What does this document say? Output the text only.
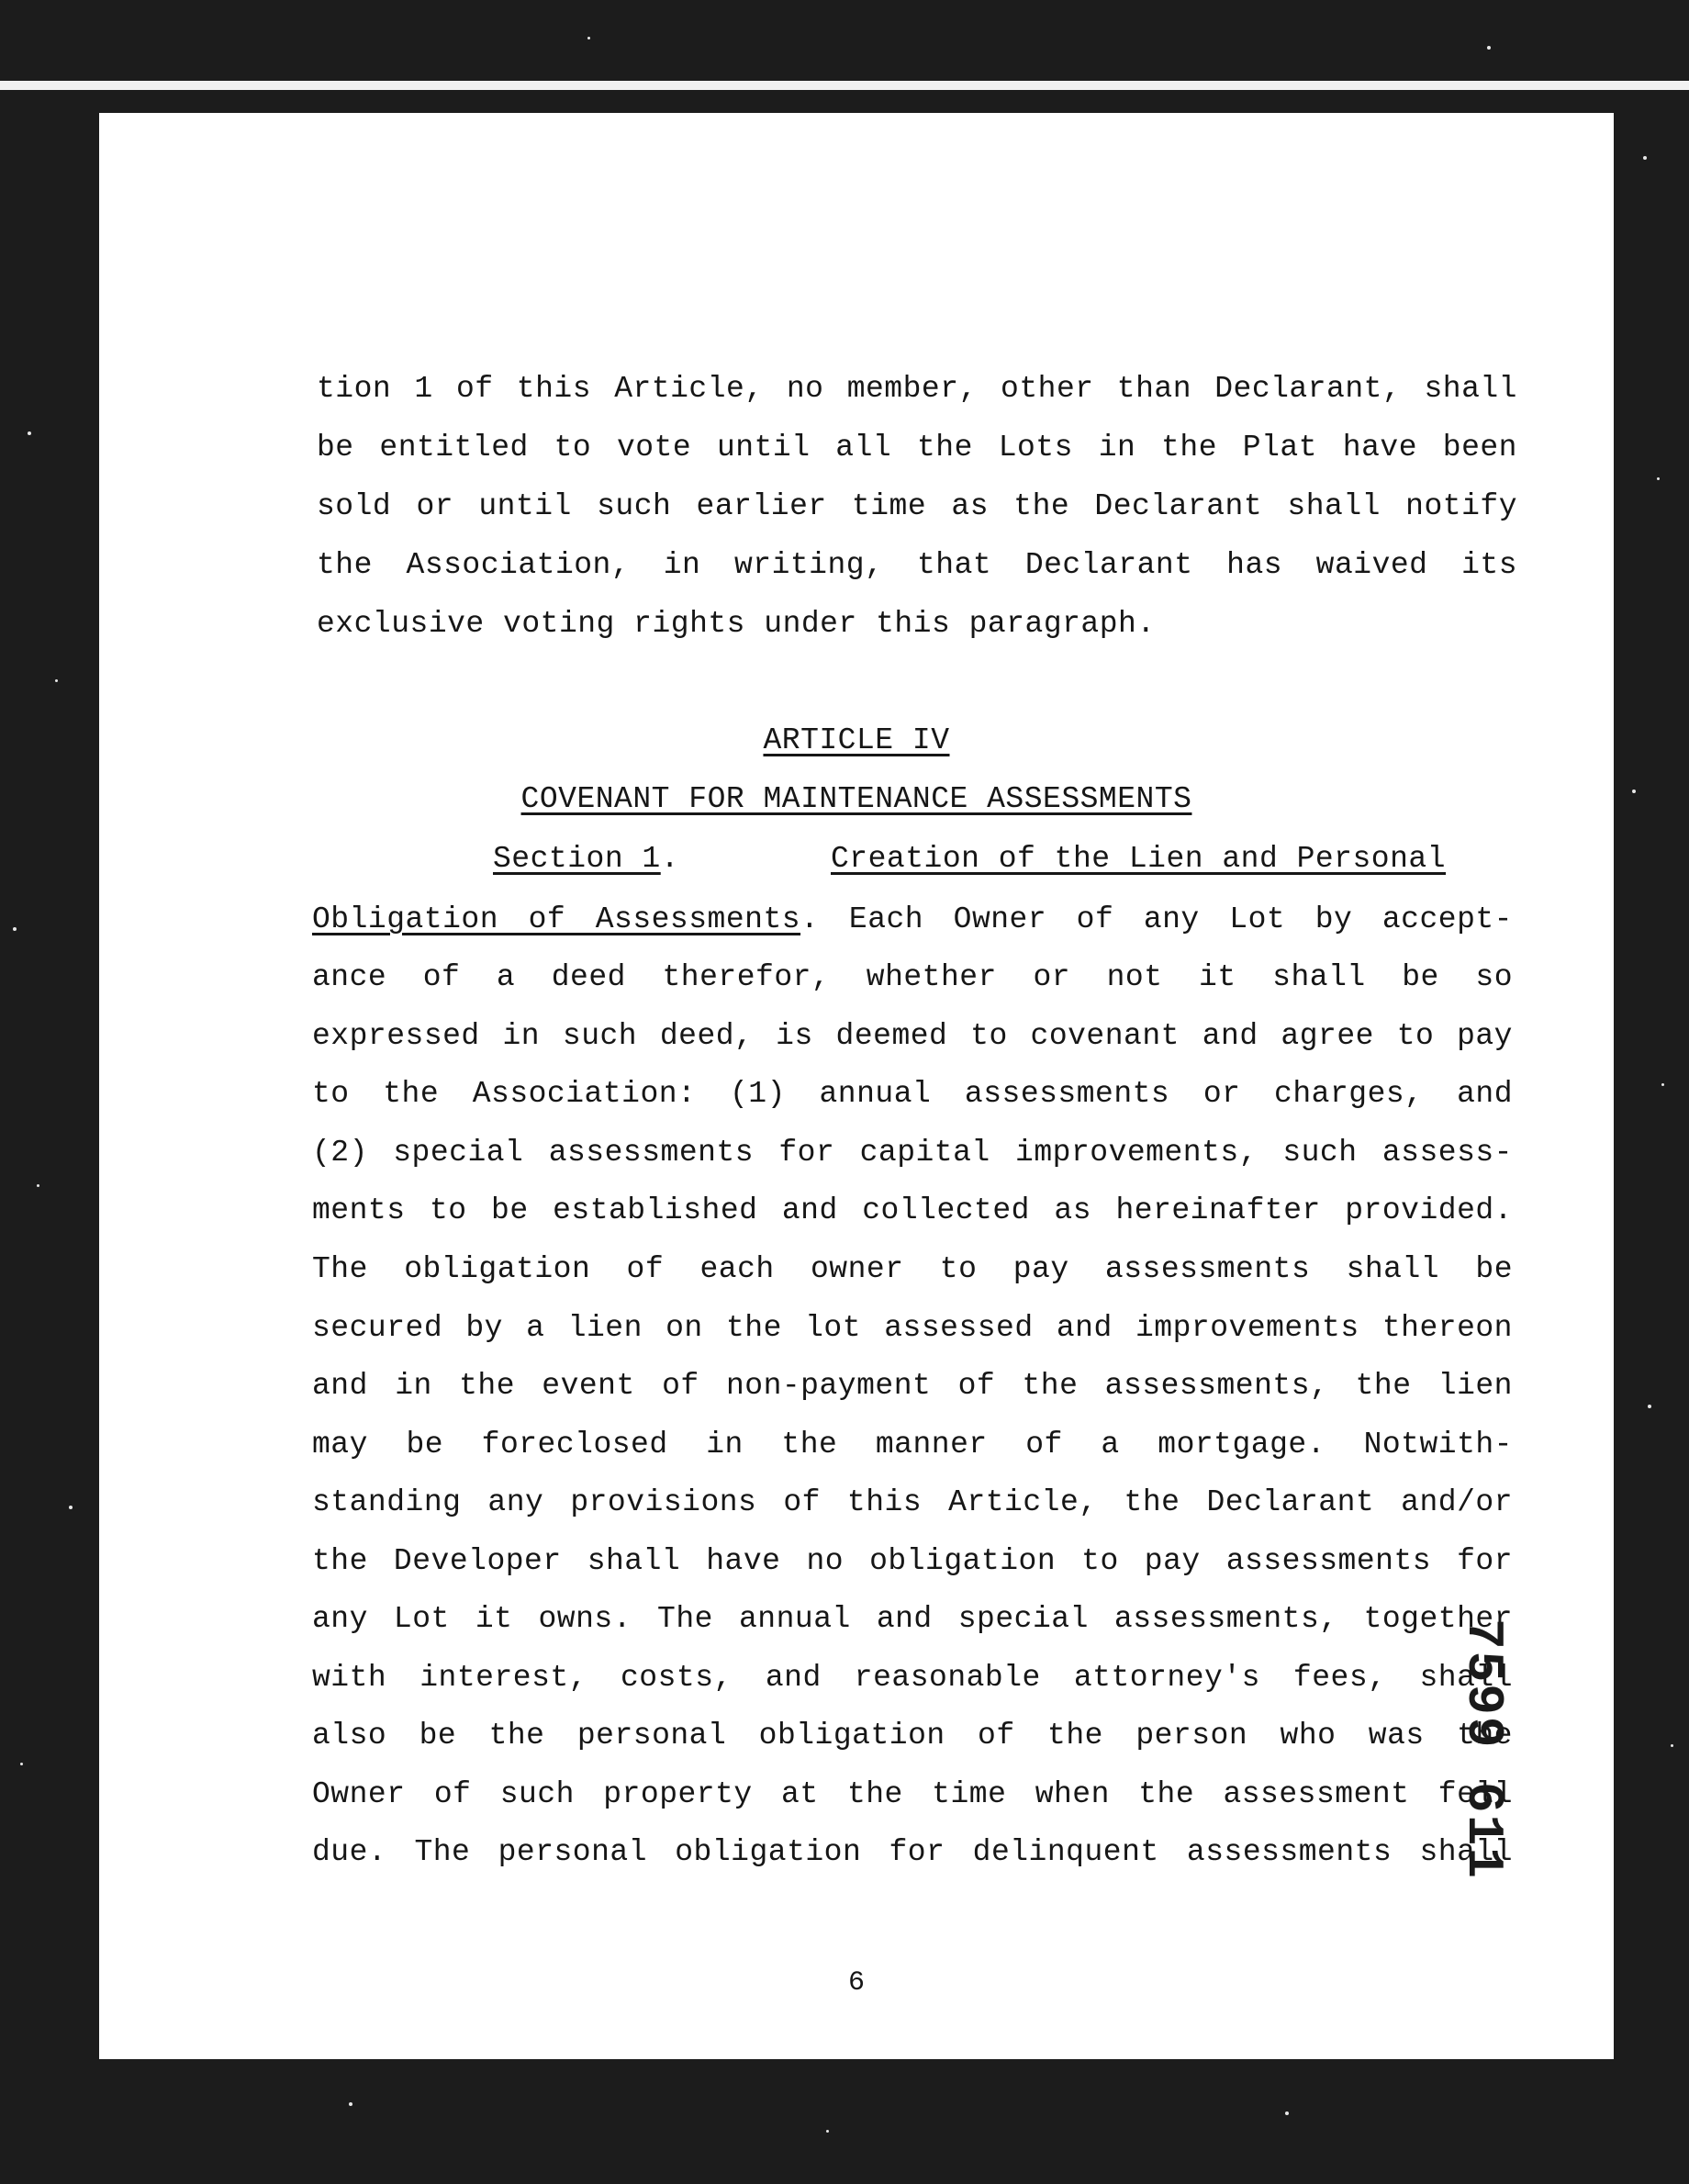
tion 1 of this Article, no member, other than Declarant, shall
be entitled to vote until all the Lots in the Plat have been
sold or until such earlier time as the Declarant shall notify
the Association, in writing, that Declarant has waived its
exclusive voting rights under this paragraph.
ARTICLE IV
COVENANT FOR MAINTENANCE ASSESSMENTS
Section 1.	Creation of the Lien and Personal
Obligation of Assessments. Each Owner of any Lot by accept-
ance of a deed therefor, whether or not it shall be so
expressed in such deed, is deemed to covenant and agree to pay
to the Association: (1) annual assessments or charges, and
(2) special assessments for capital improvements, such assess-
ments to be established and collected as hereinafter provided.
The obligation of each owner to pay assessments shall be
secured by a lien on the lot assessed and improvements thereon
and in the event of non-payment of the assessments, the lien
may be foreclosed in the manner of a mortgage. Notwith-
standing any provisions of this Article, the Declarant and/or
the Developer shall have no obligation to pay assessments for
any Lot it owns. The annual and special assessments, together
with interest, costs, and reasonable attorney's fees, shall
also be the personal obligation of the person who was the
Owner of such property at the time when the assessment fell
due. The personal obligation for delinquent assessments shall
6
7599 611
